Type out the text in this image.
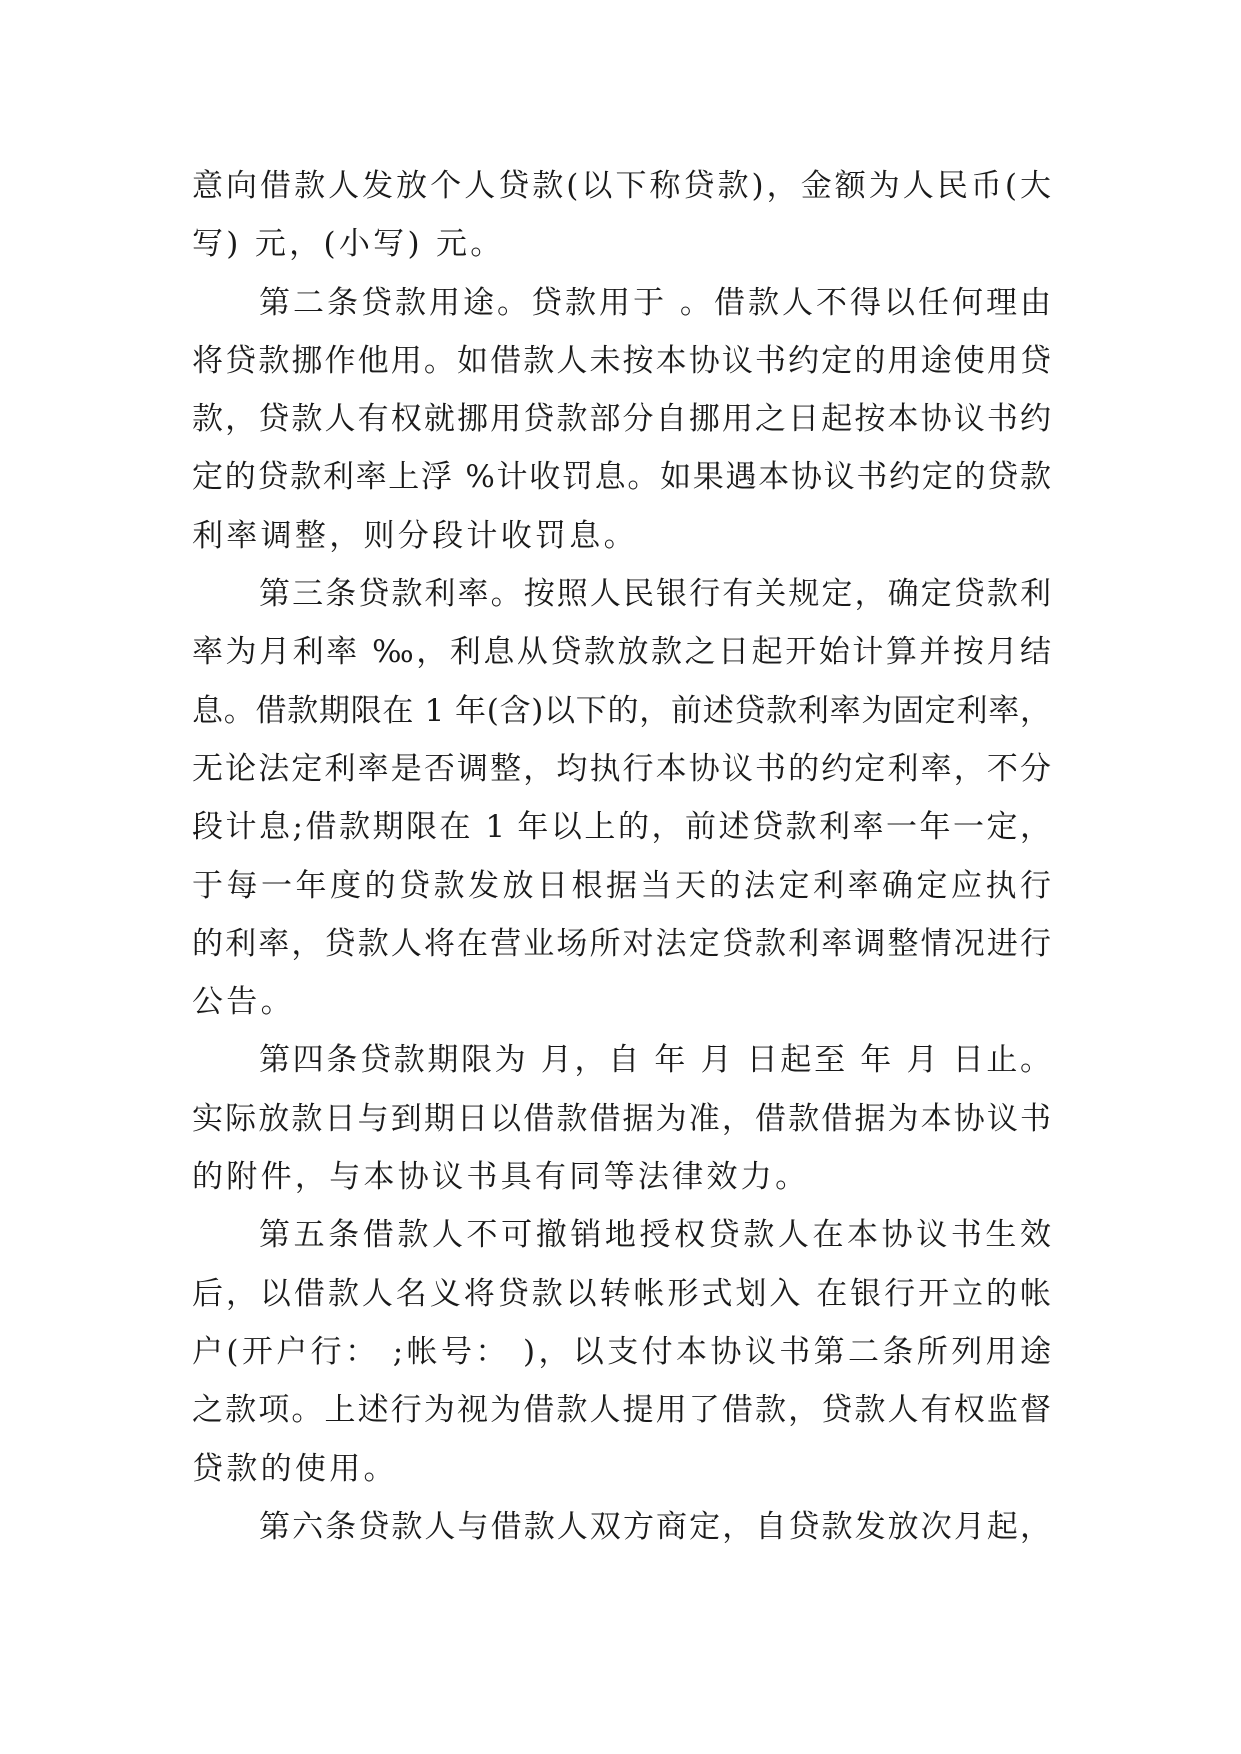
意向借款人发放个人贷款(以下称贷款)，金额为人民币(大
写) 元，(小写) 元。
第二条贷款用途。贷款用于 。借款人不得以任何理由
将贷款挪作他用。如借款人未按本协议书约定的用途使用贷
款，贷款人有权就挪用贷款部分自挪用之日起按本协议书约
定的贷款利率上浮 %计收罚息。如果遇本协议书约定的贷款
利率调整，则分段计收罚息。
第三条贷款利率。按照人民银行有关规定，确定贷款利
率为月利率 ‰，利息从贷款放款之日起开始计算并按月结
息。借款期限在 1 年(含)以下的，前述贷款利率为固定利率，
无论法定利率是否调整，均执行本协议书的约定利率，不分
段计息;借款期限在 1 年以上的，前述贷款利率一年一定，
于每一年度的贷款发放日根据当天的法定利率确定应执行
的利率，贷款人将在营业场所对法定贷款利率调整情况进行
公告。
第四条贷款期限为 月，自 年 月 日起至 年 月 日止。
实际放款日与到期日以借款借据为准，借款借据为本协议书
的附件，与本协议书具有同等法律效力。
第五条借款人不可撤销地授权贷款人在本协议书生效
后，以借款人名义将贷款以转帐形式划入 在银行开立的帐
户(开户行： ;帐号： )，以支付本协议书第二条所列用途
之款项。上述行为视为借款人提用了借款，贷款人有权监督
贷款的使用。
第六条贷款人与借款人双方商定，自贷款发放次月起，
